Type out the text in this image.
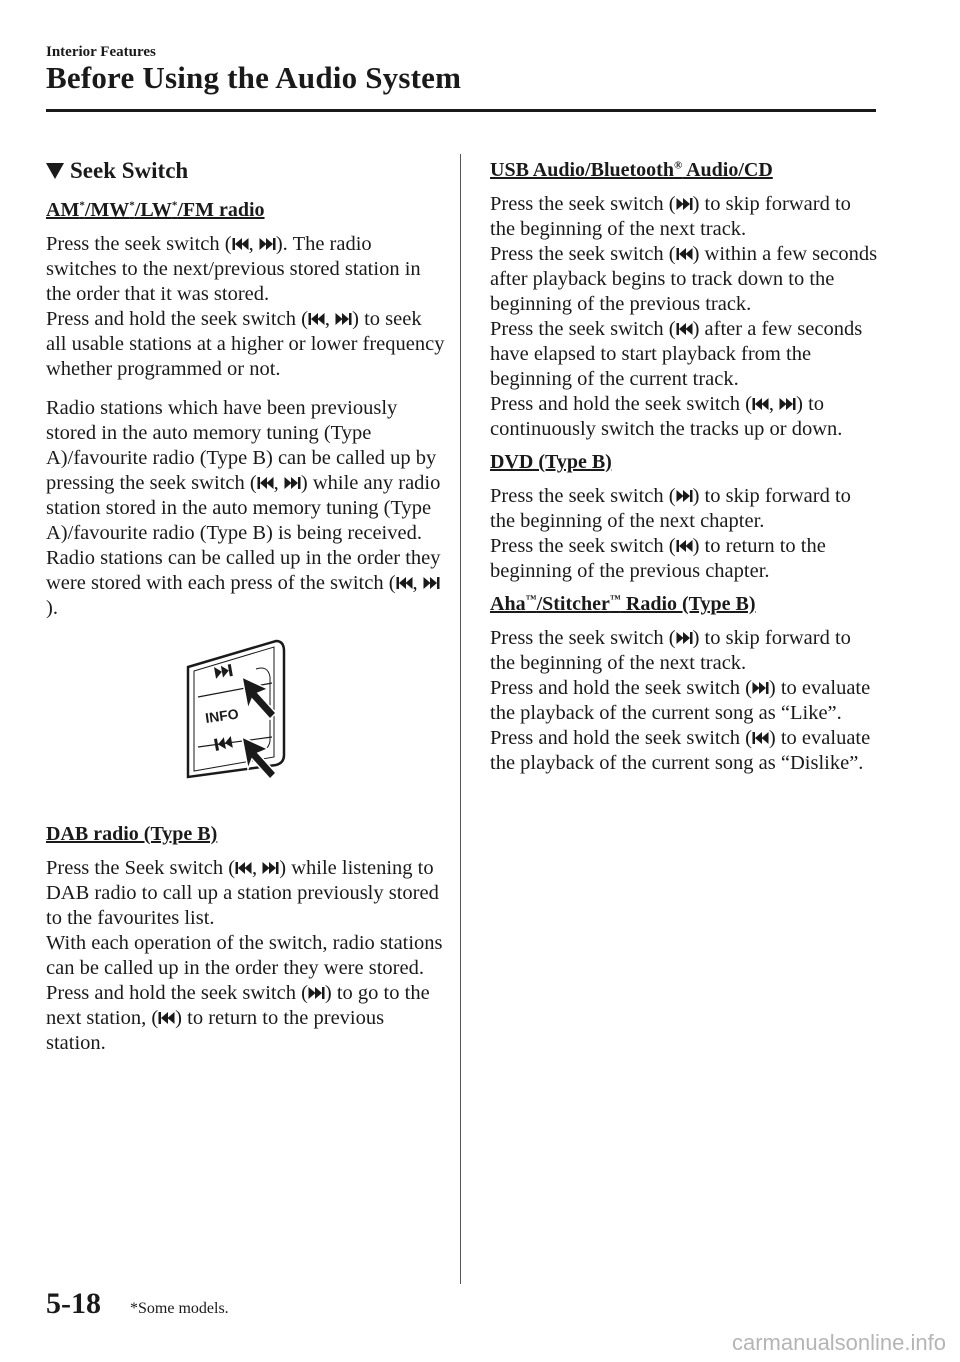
Interior Features
Before Using the Audio System
Seek Switch
AM*/MW*/LW*/FM radio

Press the seek switch ( , ). The radio switches to the next/previous stored station in the order that it was stored.

Press and hold the seek switch ( , ) to seek all usable stations at a higher or lower frequency whether programmed or not.

Radio stations which have been previously stored in the auto memory tuning (Type A)/favourite radio (Type B) can be called up by pressing the seek switch ( , ) while any radio station stored in the auto memory tuning (Type A)/favourite radio (Type B) is being received. Radio stations can be called up in the order they were stored with each press of the switch ( , ).

INFO
DAB radio (Type B)

Press the Seek switch ( , ) while listening to DAB radio to call up a station previously stored to the favourites list.

With each operation of the switch, radio stations can be called up in the order they were stored.

Press and hold the seek switch ( ) to go to the next station, ( ) to return to the previous station.

USB Audio/Bluetooth® Audio/CD

Press the seek switch ( ) to skip forward to the beginning of the next track.

Press the seek switch ( ) within a few seconds after playback begins to track down to the beginning of the previous track.

Press the seek switch ( ) after a few seconds have elapsed to start playback from the beginning of the current track.

Press and hold the seek switch ( , ) to continuously switch the tracks up or down.

DVD (Type B)

Press the seek switch ( ) to skip forward to the beginning of the next chapter.

Press the seek switch ( ) to return to the beginning of the previous chapter.

Aha™/Stitcher™ Radio (Type B)

Press the seek switch ( ) to skip forward to the beginning of the next track.

Press and hold the seek switch ( ) to evaluate the playback of the current song as “Like”.

Press and hold the seek switch ( ) to evaluate the playback of the current song as “Dislike”.

5-18 *Some models.
carmanualsonline.info
